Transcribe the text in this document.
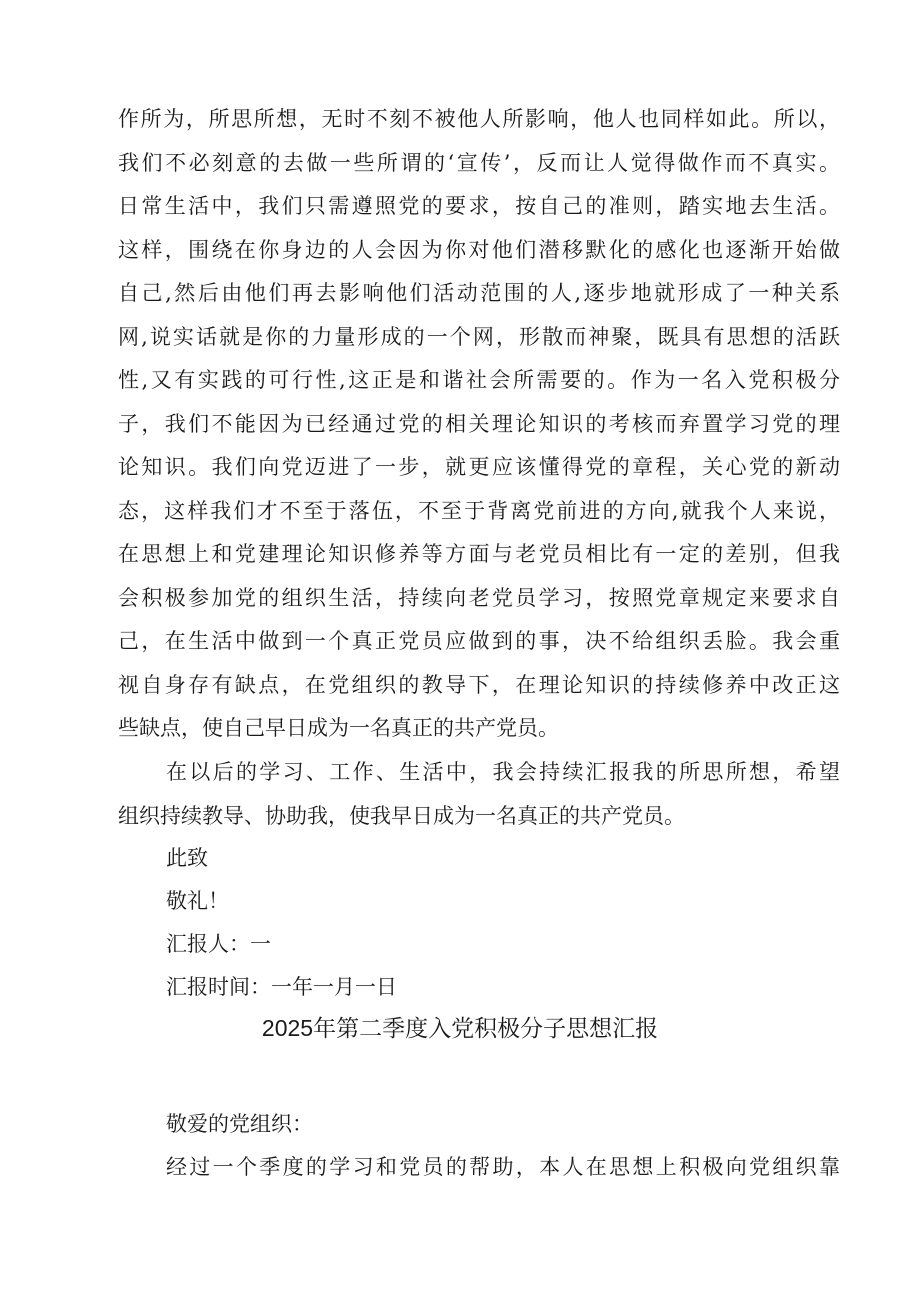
作所为，所思所想，无时不刻不被他人所影响，他人也同样如此。所以，
我们不必刻意的去做一些所谓的‘宣传’，反而让人觉得做作而不真实。
日常生活中，我们只需遵照党的要求，按自己的准则，踏实地去生活。
这样，围绕在你身边的人会因为你对他们潜移默化的感化也逐渐开始做
自己,然后由他们再去影响他们活动范围的人,逐步地就形成了一种关系
网,说实话就是你的力量形成的一个网，形散而神聚，既具有思想的活跃
性,又有实践的可行性,这正是和谐社会所需要的。作为一名入党积极分
子，我们不能因为已经通过党的相关理论知识的考核而弃置学习党的理
论知识。我们向党迈进了一步，就更应该懂得党的章程，关心党的新动
态，这样我们才不至于落伍，不至于背离党前进的方向,就我个人来说，
在思想上和党建理论知识修养等方面与老党员相比有一定的差别，但我
会积极参加党的组织生活，持续向老党员学习，按照党章规定来要求自
己，在生活中做到一个真正党员应做到的事，决不给组织丢脸。我会重
视自身存有缺点，在党组织的教导下，在理论知识的持续修养中改正这
些缺点，使自己早日成为一名真正的共产党员。
在以后的学习、工作、生活中，我会持续汇报我的所思所想，希望
组织持续教导、协助我，使我早日成为一名真正的共产党员。
此致
敬礼！
汇报人：一
汇报时间：一年一月一日
2025年第二季度入党积极分子思想汇报
敬爱的党组织：
经过一个季度的学习和党员的帮助，本人在思想上积极向党组织靠
